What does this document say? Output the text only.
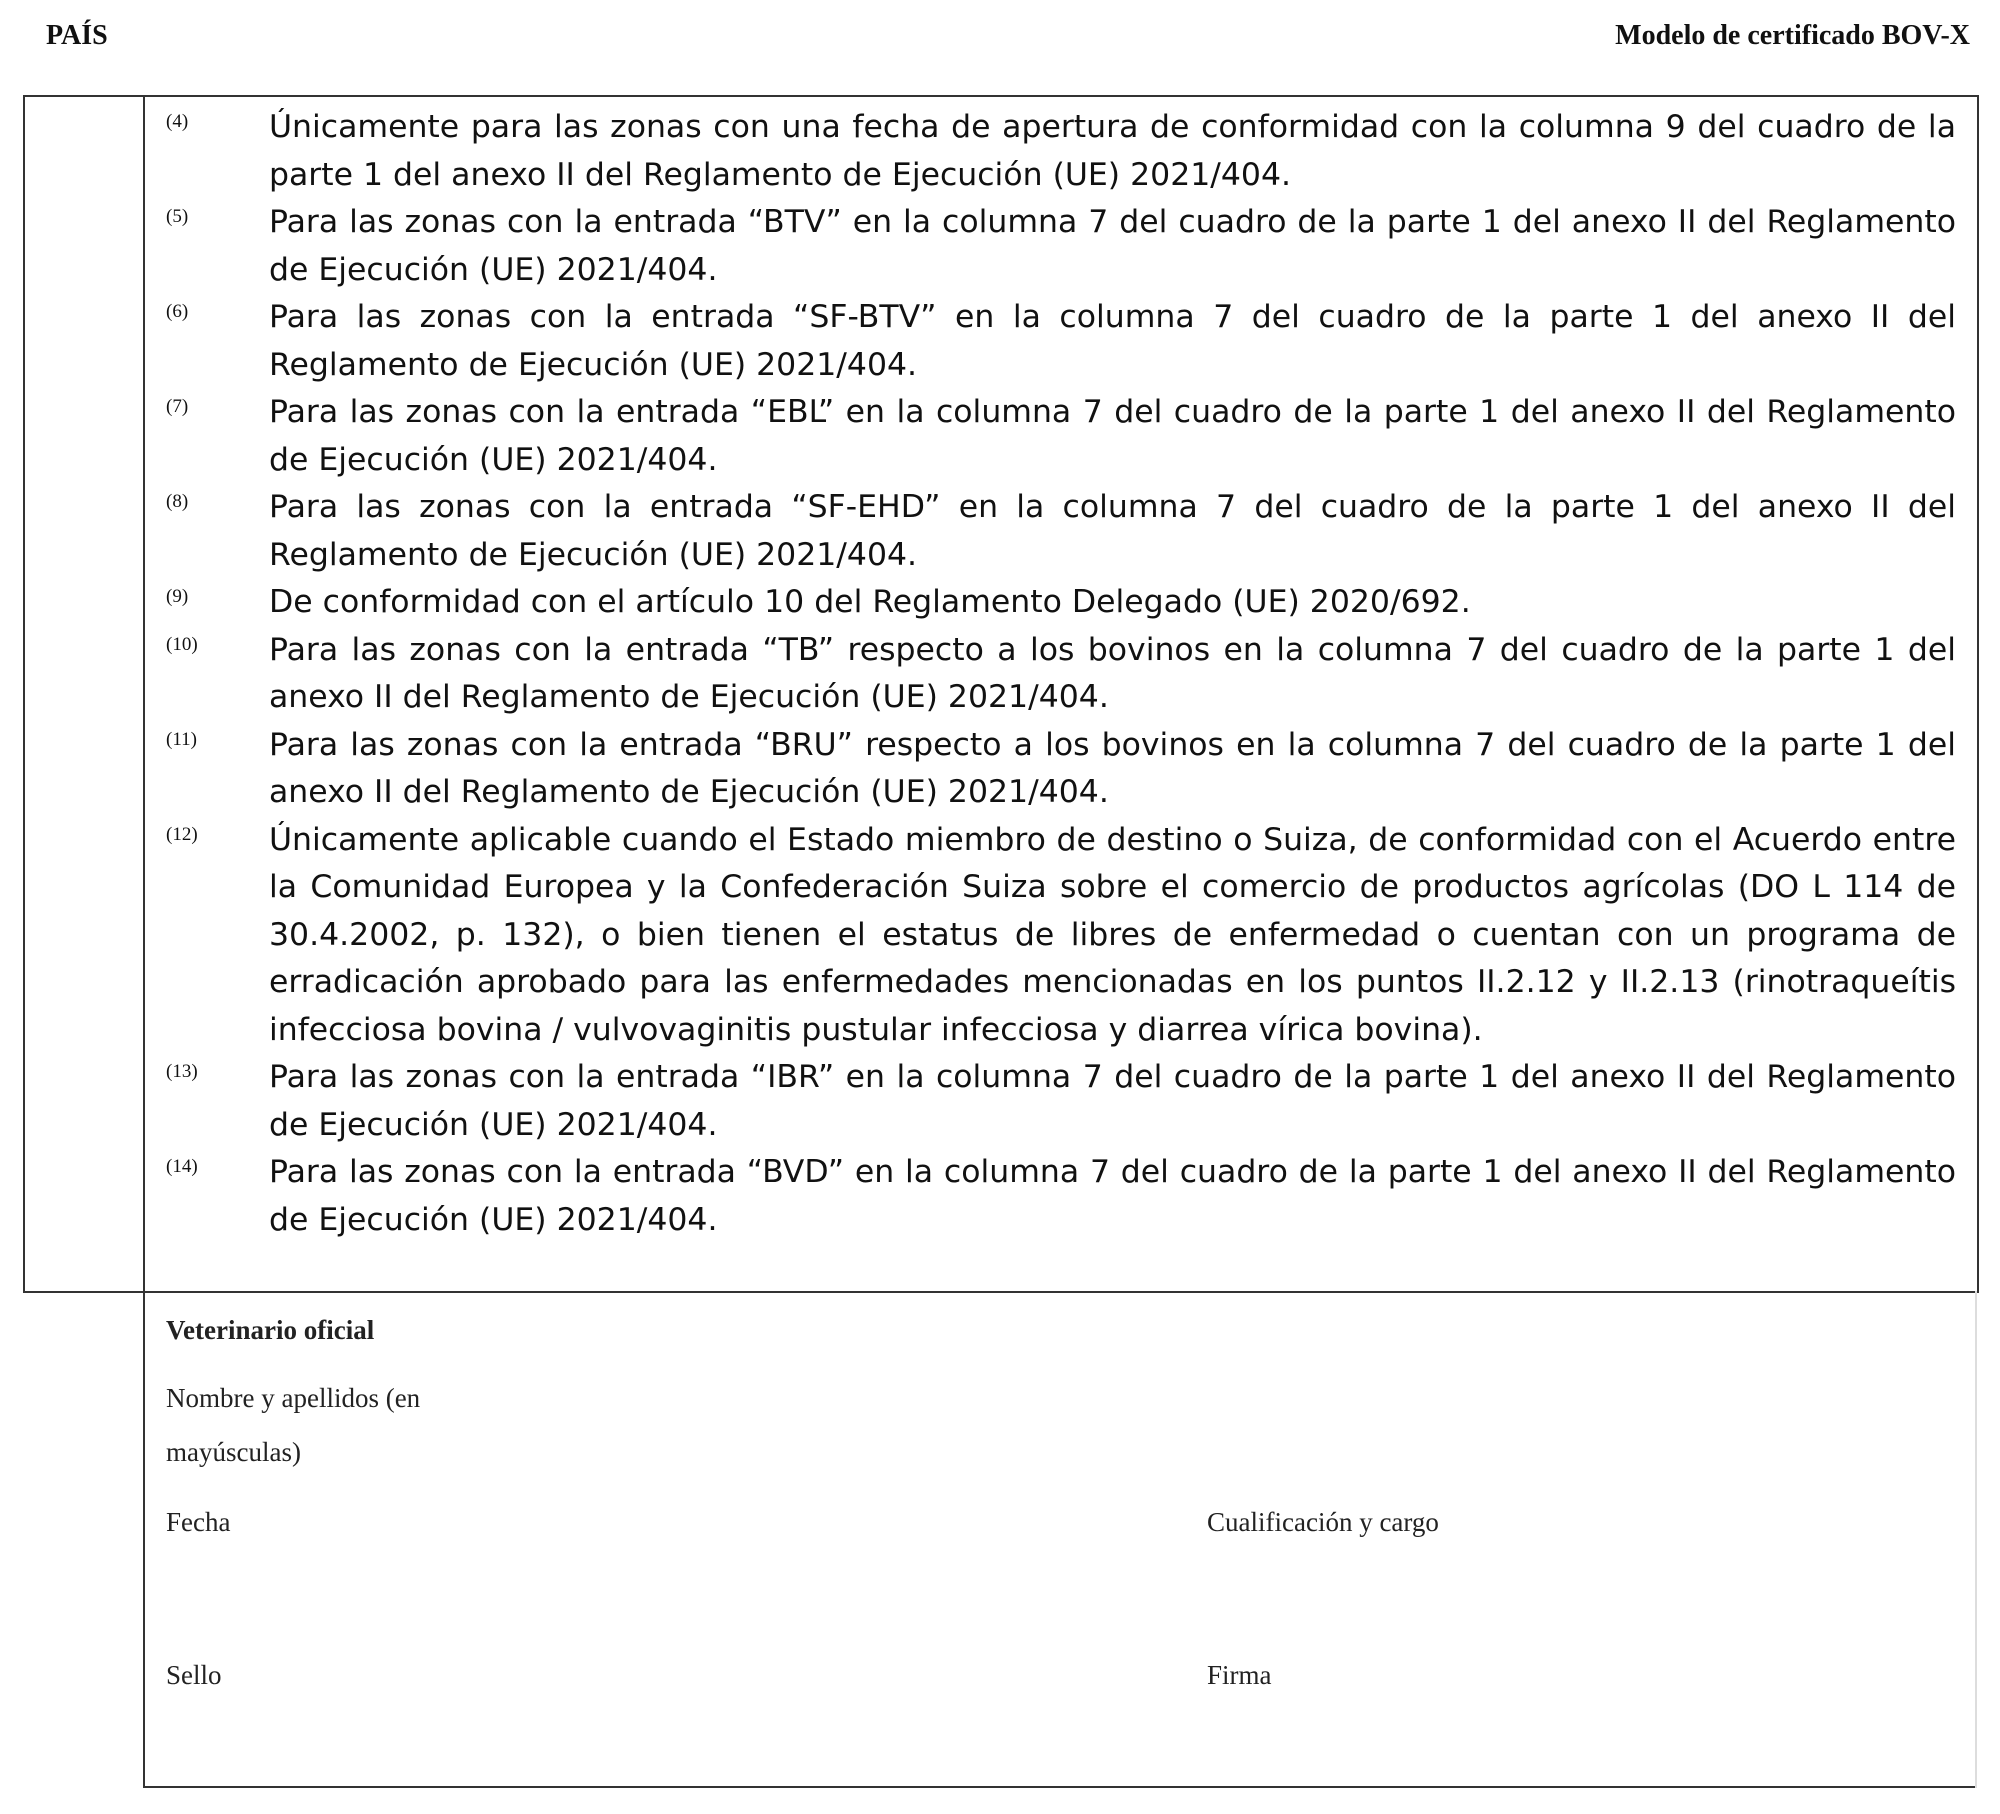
PAÍS	Modelo de certificado BOV-X
(4)	Únicamente para las zonas con una fecha de apertura de conformidad con la columna 9 del cuadro de la parte 1 del anexo II del Reglamento de Ejecución (UE) 2021/404.
(5)	Para las zonas con la entrada “BTV” en la columna 7 del cuadro de la parte 1 del anexo II del Reglamento de Ejecución (UE) 2021/404.
(6)	Para las zonas con la entrada “SF-BTV” en la columna 7 del cuadro de la parte 1 del anexo II del Reglamento de Ejecución (UE) 2021/404.
(7)	Para las zonas con la entrada “EBL” en la columna 7 del cuadro de la parte 1 del anexo II del Reglamento de Ejecución (UE) 2021/404.
(8)	Para las zonas con la entrada “SF-EHD” en la columna 7 del cuadro de la parte 1 del anexo II del Reglamento de Ejecución (UE) 2021/404.
(9)	De conformidad con el artículo 10 del Reglamento Delegado (UE) 2020/692.
(10)	Para las zonas con la entrada “TB” respecto a los bovinos en la columna 7 del cuadro de la parte 1 del anexo II del Reglamento de Ejecución (UE) 2021/404.
(11)	Para las zonas con la entrada “BRU” respecto a los bovinos en la columna 7 del cuadro de la parte 1 del anexo II del Reglamento de Ejecución (UE) 2021/404.
(12)	Únicamente aplicable cuando el Estado miembro de destino o Suiza, de conformidad con el Acuerdo entre la Comunidad Europea y la Confederación Suiza sobre el comercio de productos agrícolas (DO L 114 de 30.4.2002, p. 132), o bien tienen el estatus de libres de enfermedad o cuentan con un programa de erradicación aprobado para las enfermedades mencionadas en los puntos II.2.12 y II.2.13 (rinotraqueítis infecciosa bovina / vulvovaginitis pustular infecciosa y diarrea vírica bovina).
(13)	Para las zonas con la entrada “IBR” en la columna 7 del cuadro de la parte 1 del anexo II del Reglamento de Ejecución (UE) 2021/404.
(14)	Para las zonas con la entrada “BVD” en la columna 7 del cuadro de la parte 1 del anexo II del Reglamento de Ejecución (UE) 2021/404.
Veterinario oficial
Nombre y apellidos (en
mayúsculas)
Fecha	Cualificación y cargo
Sello	Firma
